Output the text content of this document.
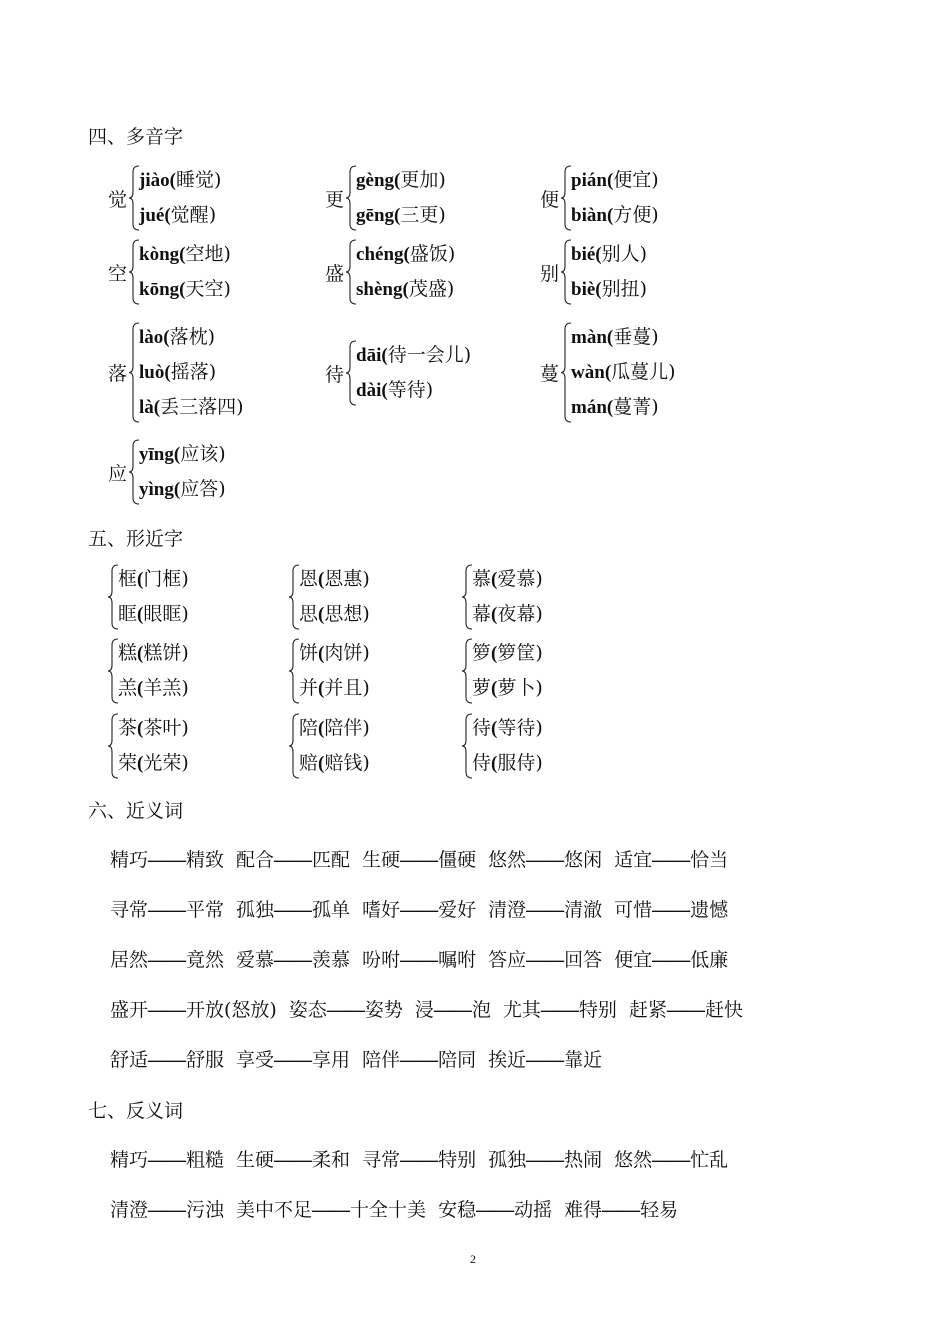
四、多音字
觉
jiào(睡觉)
jué(觉醒)
更
gèng(更加)
gēng(三更)
便
pián(便宜)
biàn(方便)
空
kòng(空地)
kōng(天空)
盛
chéng(盛饭)
shèng(茂盛)
别
bié(别人)
biè(别扭)
落
lào(落枕)
luò(摇落)
là(丢三落四)
待
dāi(待一会儿)
dài(等待)
蔓
màn(垂蔓)
wàn(瓜蔓儿)
mán(蔓菁)
应
yīng(应该)
yìng(应答)
五、形近字
框(门框)
眶(眼眶)
恩(恩惠)
思(思想)
慕(爱慕)
幕(夜幕)
糕(糕饼)
羔(羊羔)
饼(肉饼)
并(并且)
箩(箩筐)
萝(萝卜)
茶(茶叶)
荣(光荣)
陪(陪伴)
赔(赔钱)
待(等待)
侍(服侍)
六、近义词
精巧——精致 配合——匹配 生硬——僵硬 悠然——悠闲 适宜——恰当
寻常——平常 孤独——孤单 嗜好——爱好 清澄——清澈 可惜——遗憾
居然——竟然 爱慕——羡慕 吩咐——嘱咐 答应——回答 便宜——低廉
盛开——开放(怒放) 姿态——姿势 浸——泡 尤其——特别 赶紧——赶快
舒适——舒服 享受——享用 陪伴——陪同 挨近——靠近
七、反义词
精巧——粗糙 生硬——柔和 寻常——特别 孤独——热闹 悠然——忙乱
清澄——污浊 美中不足——十全十美 安稳——动摇 难得——轻易
2
